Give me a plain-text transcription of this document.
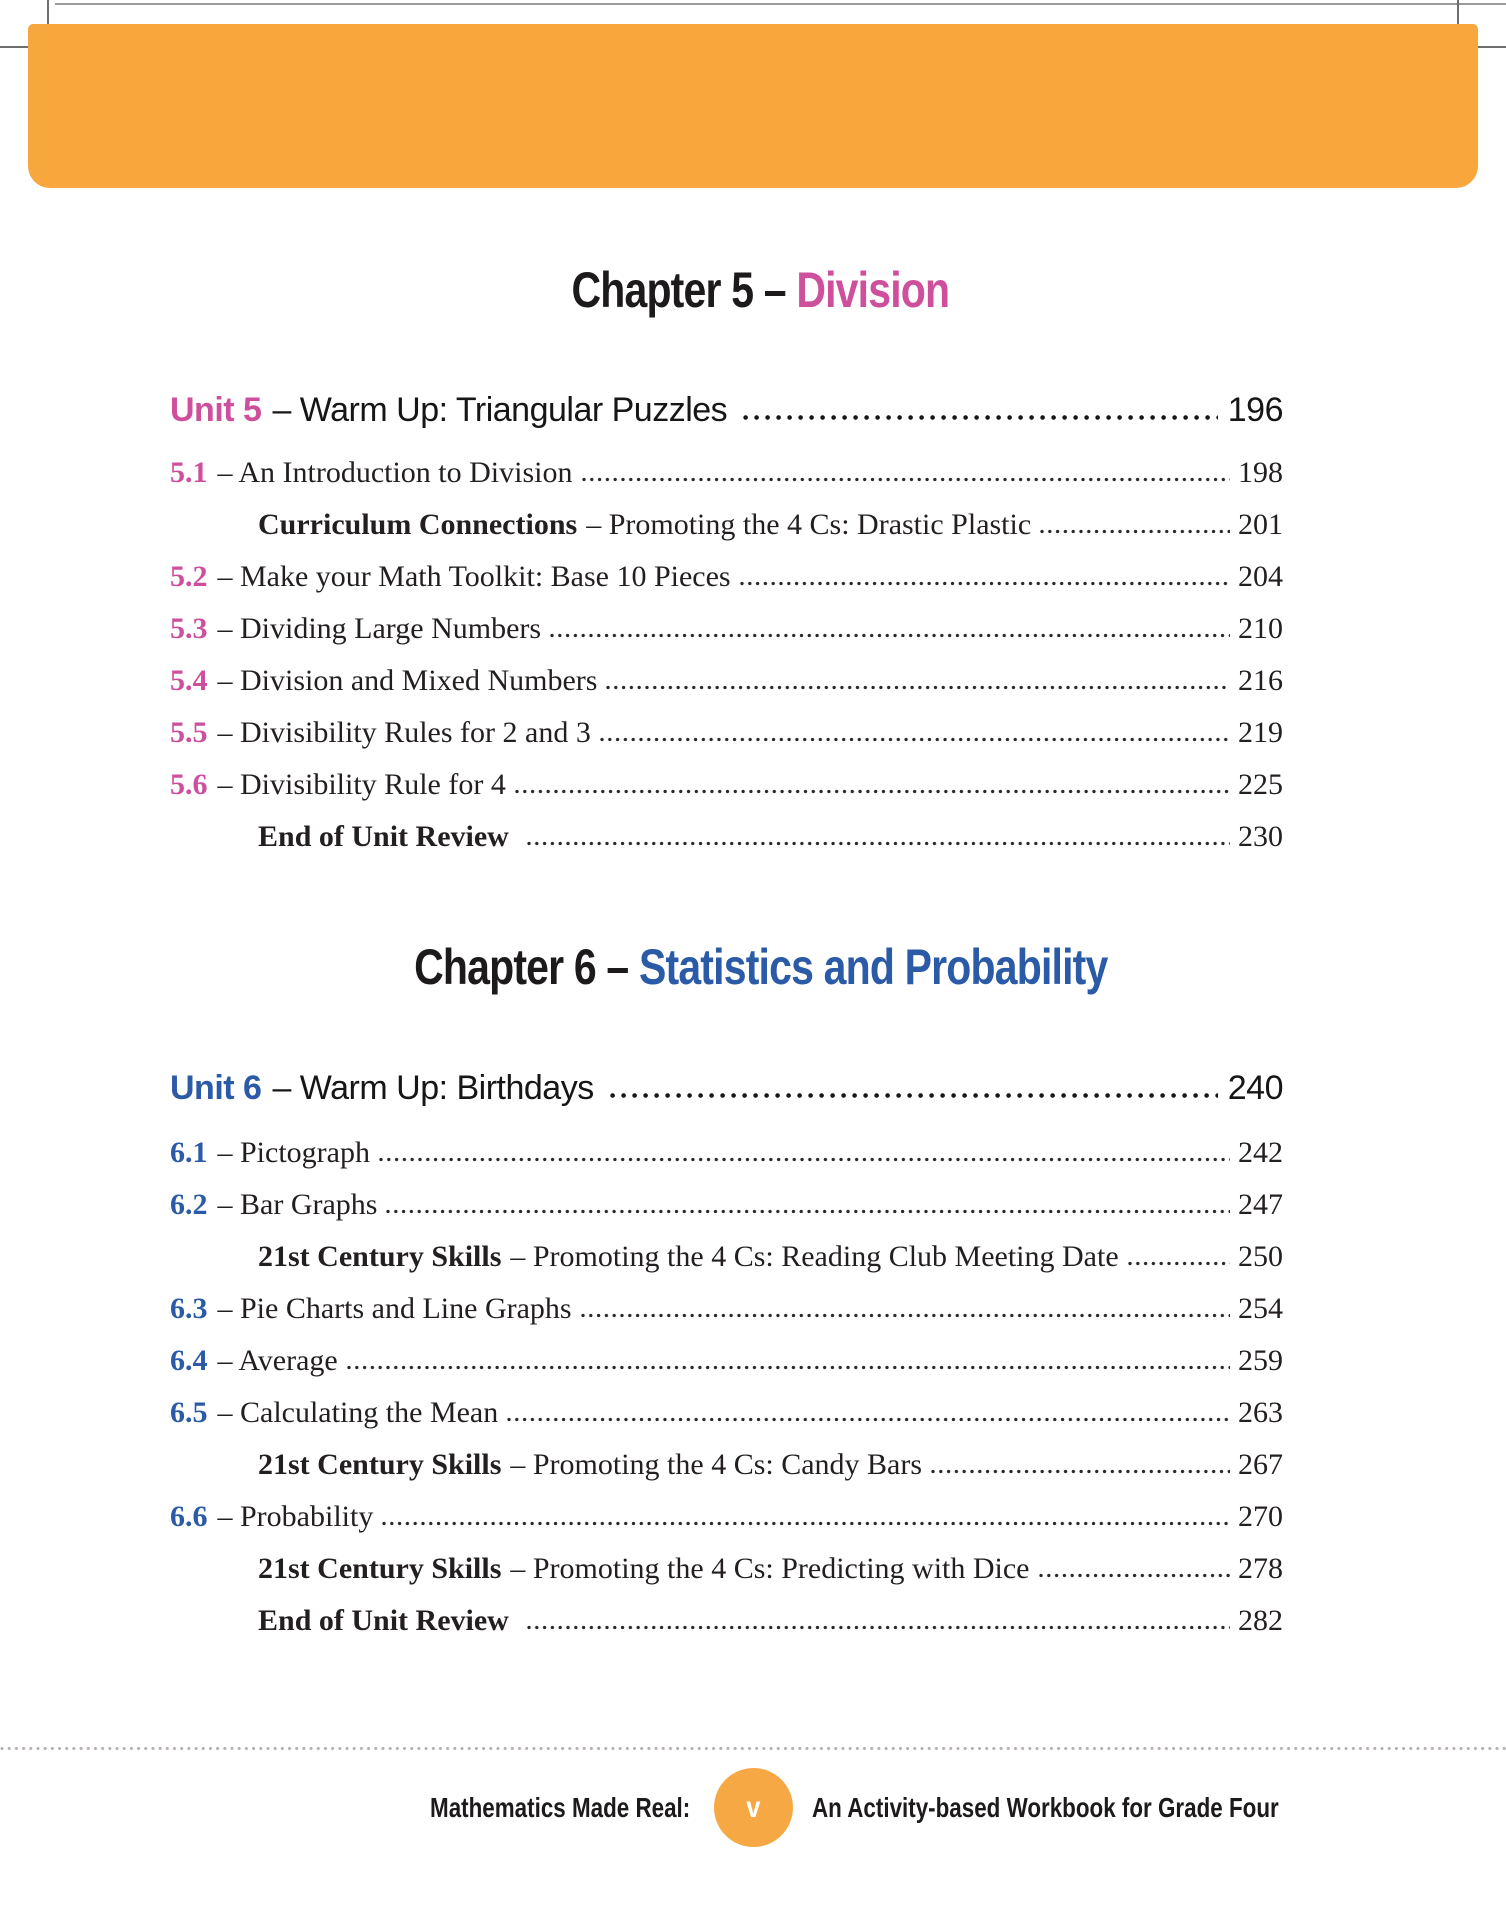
Chapter 5 – Division
Unit 5 – Warm Up: Triangular Puzzles	196
5.1 – An Introduction to Division	198
Curriculum Connections – Promoting the 4 Cs: Drastic Plastic	201
5.2 – Make your Math Toolkit: Base 10 Pieces	204
5.3 – Dividing Large Numbers	210
5.4 – Division and Mixed Numbers	216
5.5 – Divisibility Rules for 2 and 3	219
5.6 – Divisibility Rule for 4	225
End of Unit Review	230
Chapter 6 – Statistics and Probability
Unit 6 – Warm Up: Birthdays	240
6.1 – Pictograph	242
6.2 – Bar Graphs	247
21st Century Skills – Promoting the 4 Cs: Reading Club Meeting Date	250
6.3 – Pie Charts and Line Graphs	254
6.4 – Average	259
6.5 – Calculating the Mean	263
21st Century Skills – Promoting the 4 Cs: Candy Bars	267
6.6 – Probability	270
21st Century Skills – Promoting the 4 Cs: Predicting with Dice	278
End of Unit Review	282
Mathematics Made Real: v An Activity-based Workbook for Grade Four
